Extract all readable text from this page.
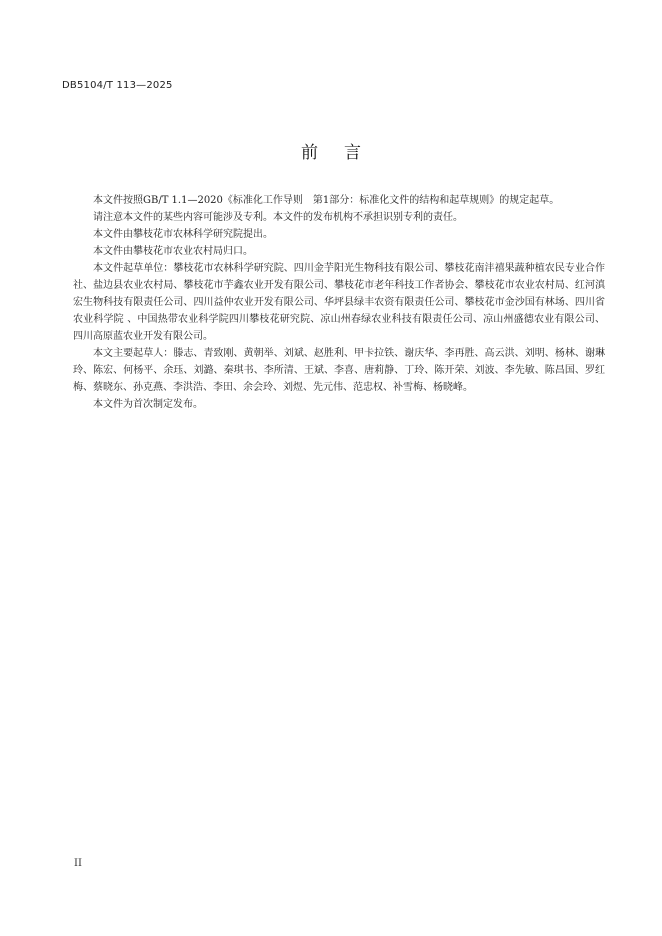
DB5104/T 113—2025
前言

本文件按照GB/T 1.1—2020《标准化工作导则　第1部分：标准化文件的结构和起草规则》的规定起草。

请注意本文件的某些内容可能涉及专利。本文件的发布机构不承担识别专利的责任。

本文件由攀枝花市农林科学研究院提出。

本文件由攀枝花市农业农村局归口。

本文件起草单位：攀枝花市农林科学研究院、四川金芋阳光生物科技有限公司、攀枝花南沣禧果蔬种植农民专业合作社、盐边县农业农村局、攀枝花市芋鑫农业开发有限公司、攀枝花市老年科技工作者协会、攀枝花市农业农村局、红河滇宏生物科技有限责任公司、四川益仲农业开发有限公司、华坪县绿丰农资有限责任公司、攀枝花市金沙国有林场、四川省农业科学院 、中国热带农业科学院四川攀枝花研究院、凉山州春绿农业科技有限责任公司、凉山州盛德农业有限公司、四川高原蓝农业开发有限公司。

本文主要起草人：滕志、青致刚、黄朝举、刘斌、赵胜利、甲卡拉铁、谢庆华、李再胜、高云洪、刘明、杨林、谢琳玲、陈宏、何杨平、余珏、刘潞、秦琪书、李所清、王斌、李喜、唐莉静、丁玲、陈开荣、刘波、李先敏、陈昌国、罗红梅、蔡晓东、孙克燕、李洪浩、李田、余会玲、刘煜、先元伟、范忠权、补雪梅、杨晓峰。

本文件为首次制定发布。

II
